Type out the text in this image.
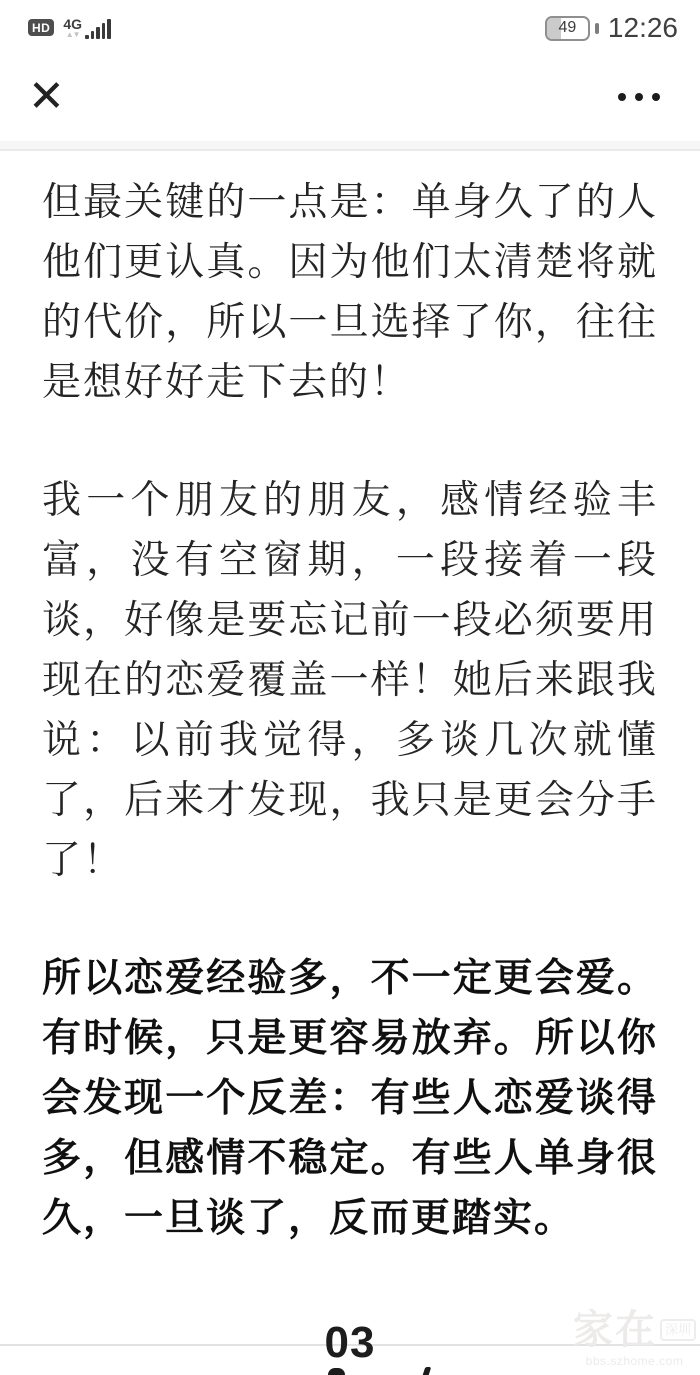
HD 4G
▲▼	49 12:26
✕

但最关键的一点是：单身久了的人他们更认真。因为他们太清楚将就的代价，所以一旦选择了你，往往是想好好走下去的！

我一个朋友的朋友，感情经验丰富，没有空窗期，一段接着一段谈，好像是要忘记前一段必须要用现在的恋爱覆盖一样！她后来跟我说：以前我觉得，多谈几次就懂了，后来才发现，我只是更会分手了！

所以恋爱经验多，不一定更会爱。有时候，只是更容易放弃。所以你会发现一个反差：有些人恋爱谈得多，但感情不稳定。有些人单身很久，一旦谈了，反而更踏实。

03	家在 深圳
bbs.szhome.com
